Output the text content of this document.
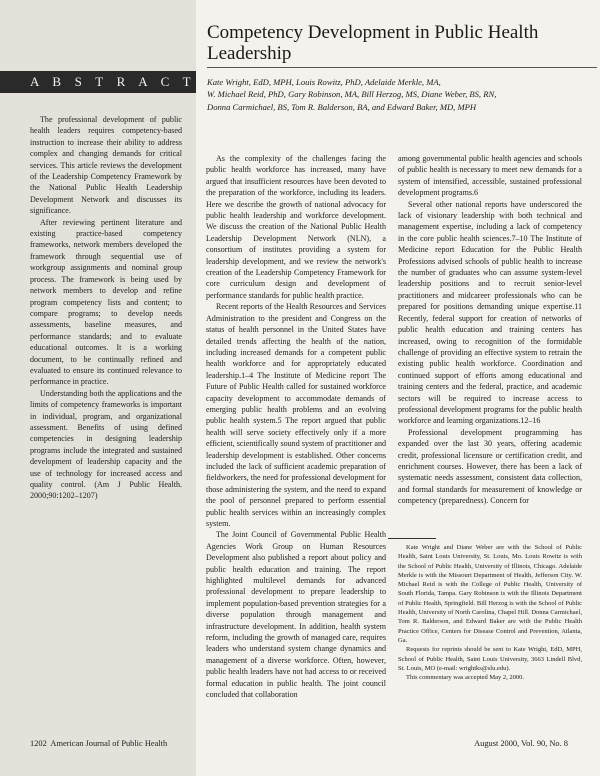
A B S T R A C T

The professional development of public health leaders requires competency-based instruction to increase their ability to address complex and changing demands for critical services. This article reviews the development of the Leadership Competency Framework by the National Public Health Leadership Development Network and discusses its significance.

After reviewing pertinent literature and existing practice-based competency frameworks, network members developed the framework through sequential use of workgroup assignments and nominal group process. The framework is being used by network members to develop and refine program competency lists and content; to compare programs; to develop needs assessments, baseline measures, and performance standards; and to evaluate educational outcomes. It is a working document, to be continually refined and evaluated to ensure its continued relevance to performance in practice.

Understanding both the applications and the limits of competency frameworks is important in individual, program, and organizational assessment. Benefits of using defined competencies in designing leadership programs include the integrated and sustained development of leadership capacity and the use of technology for increased access and quality control. (Am J Public Health. 2000;90:1202–1207)

Competency Development in Public Health Leadership
Kate Wright, EdD, MPH, Louis Rowitz, PhD, Adelaide Merkle, MA,
W. Michael Reid, PhD, Gary Robinson, MA, Bill Herzog, MS, Diane Weber, BS, RN,
Donna Carmichael, BS, Tom R. Balderson, BA, and Edward Baker, MD, MPH

As the complexity of the challenges facing the public health workforce has increased, many have argued that insufficient resources have been devoted to the preparation of the workforce, including its leaders. Here we describe the growth of national advocacy for public health leadership and workforce development. We discuss the creation of the National Public Health Leadership Development Network (NLN), a consortium of institutes providing a system for leadership development, and we review the network's creation of the Leadership Competency Framework for core curriculum design and development of performance standards for public health practice.

Recent reports of the Health Resources and Services Administration to the president and Congress on the status of health personnel in the United States have detailed trends affecting the health of the nation, including increased demands for a competent public health workforce and for appropriately educated leadership.1–4 The Institute of Medicine report The Future of Public Health called for sustained workforce capacity development to accommodate demands of emerging public health problems and an evolving public health system.5 The report argued that public health will serve society effectively only if a more efficient, scientifically sound system of practitioner and leadership development is established. Other concerns included the lack of sufficient academic preparation of fieldworkers, the need for professional development for those administering the system, and the need to expand the pool of personnel prepared to perform essential public health services within an increasingly complex system.

The Joint Council of Governmental Public Health Agencies Work Group on Human Resources Development also published a report about policy and public health education and training. The report highlighted multilevel demands for advanced professional development to prepare leadership to implement population-based prevention strategies for a diverse population through management and infrastructure development. In addition, health system reform, including the growth of managed care, requires leaders who understand system change dynamics and management of a diverse workforce. Often, however, public health leaders have not had access to or received formal education in public health. The joint council concluded that collaboration

among governmental public health agencies and schools of public health is necessary to meet new demands for a system of intensified, accessible, sustained professional development programs.6

Several other national reports have underscored the lack of visionary leadership with both technical and management expertise, including a lack of competency in the core public health sciences.7–10 The Institute of Medicine report Education for the Public Health Professions advised schools of public health to increase the number of graduates who can assume system-level leadership positions and to recruit senior-level practitioners and midcareer professionals who can be prepared for positions demanding unique expertise.11 Recently, federal support for creation of networks of public health education and training centers has increased, owing to recognition of the formidable challenge of providing an effective system to retrain the existing public health workforce. Coordination and continued support of efforts among educational and training centers and the federal, practice, and academic sectors will be required to increase access to professional development programs for the public health workforce and learning organizations.12–16

Professional development programming has expanded over the last 30 years, offering academic credit, professional licensure or certification credit, and enrichment courses. However, there has been a lack of systematic needs assessment, consistent data collection, and formal standards for measurement of knowledge or competency (preparedness). Concern for

Kate Wright and Diane Weber are with the School of Public Health, Saint Louis University, St. Louis, Mo. Louis Rowitz is with the School of Public Health, University of Illinois, Chicago. Adelaide Merkle is with the Missouri Department of Health, Jefferson City. W. Michael Reid is with the College of Public Health, University of South Florida, Tampa. Gary Robinson is with the Illinois Department of Public Health, Springfield. Bill Herzog is with the School of Public Health, University of North Carolina, Chapel Hill. Donna Carmichael, Tom R. Balderson, and Edward Baker are with the Public Health Practice Office, Centers for Disease Control and Prevention, Atlanta, Ga.

Requests for reprints should be sent to Kate Wright, EdD, MPH, School of Public Health, Saint Louis University, 3663 Lindell Blvd, St. Louis, MO (e-mail: wrightks@slu.edu).

This commentary was accepted May 2, 2000.

1202 American Journal of Public Health	August 2000, Vol. 90, No. 8
